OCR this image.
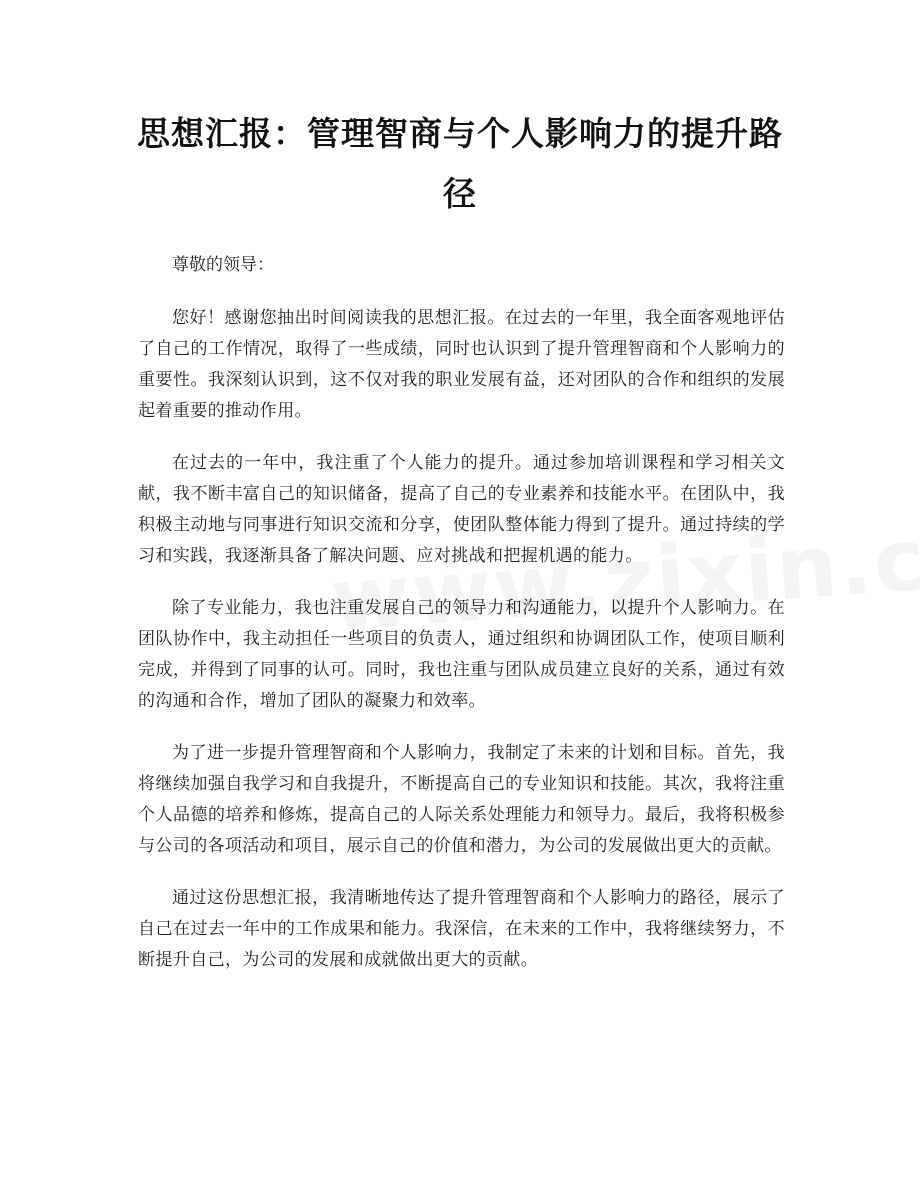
思想汇报：管理智商与个人影响力的提升路径

尊敬的领导：

您好！感谢您抽出时间阅读我的思想汇报。在过去的一年里，我全面客观地评估了自己的工作情况，取得了一些成绩，同时也认识到了提升管理智商和个人影响力的重要性。我深刻认识到，这不仅对我的职业发展有益，还对团队的合作和组织的发展起着重要的推动作用。

在过去的一年中，我注重了个人能力的提升。通过参加培训课程和学习相关文献，我不断丰富自己的知识储备，提高了自己的专业素养和技能水平。在团队中，我积极主动地与同事进行知识交流和分享，使团队整体能力得到了提升。通过持续的学习和实践，我逐渐具备了解决问题、应对挑战和把握机遇的能力。

除了专业能力，我也注重发展自己的领导力和沟通能力，以提升个人影响力。在团队协作中，我主动担任一些项目的负责人，通过组织和协调团队工作，使项目顺利完成，并得到了同事的认可。同时，我也注重与团队成员建立良好的关系，通过有效的沟通和合作，增加了团队的凝聚力和效率。

为了进一步提升管理智商和个人影响力，我制定了未来的计划和目标。首先，我将继续加强自我学习和自我提升，不断提高自己的专业知识和技能。其次，我将注重个人品德的培养和修炼，提高自己的人际关系处理能力和领导力。最后，我将积极参与公司的各项活动和项目，展示自己的价值和潜力，为公司的发展做出更大的贡献。

通过这份思想汇报，我清晰地传达了提升管理智商和个人影响力的路径，展示了自己在过去一年中的工作成果和能力。我深信，在未来的工作中，我将继续努力，不断提升自己，为公司的发展和成就做出更大的贡献。
